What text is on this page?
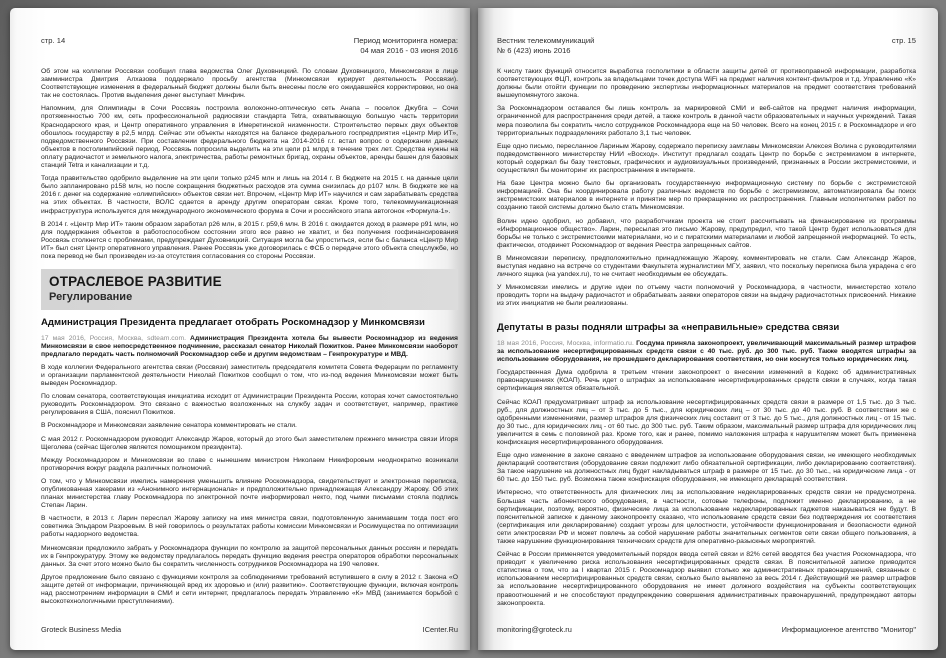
стр. 14	Период мониторинга номера:
04 мая 2016 - 03 июня 2016

Об этом на коллегии Россвязи сообщил глава ведомства Олег Духовницкий. По словам Духовницкого, Минкомсвязи в лице замминистра Дмитрия Алхазова поддержало просьбу агентства (Минкомсвязи курирует деятельность Россвязи). Соответствующие изменения в федеральный бюджет должны были быть внесены после его ожидавшейся корректировки, но она так не состоялась. Против выделения денег выступает Минфин.

Напомним, для Олимпиады в Сочи Россвязь построила волоконно-оптическую сеть Анапа – поселок Джубга – Сочи протяженностью 700 км, сеть профессиональной радиосвязи стандарта Tetra, охватывающую большую часть территории Краснодарского края, и Центр оперативного управления в Имеретинской низменности. Строительство первых двух объектов обошлось государству в р2,5 млрд. Сейчас эти объекты находятся на балансе федерального госпредприятия «Центр Мир ИТ», подведомственного Россвязи. При составлении федерального бюджета на 2014-2016 г.г. встал вопрос о содержании данных объектов в постолимпийский период. Россвязь попросила выделить на эти цели р1 млрд в течение трех лет. Средства нужны на оплату радиочастот и земельного налога, электричества, работы ремонтных бригад, охраны объектов, аренды башен для базовых станций Tetra и канализации и т.д.

Тогда правительство одобрило выделение на эти цели только р245 млн и лишь на 2014 г. В бюджете на 2015 г. на данные цели было запланировано р158 млн, но после сокращения бюджетных расходов эта сумма снизилась до р107 млн. В бюджете же на 2016 г. денег на содержание «олимпийских» объектов связи нет. Впрочем, «Центр Мир ИТ» научился и сам зарабатывать средства на этих объектах. В частности, ВОЛС сдается в аренду другим операторам связи. Кроме того, телекоммуникационная инфраструктура используется для международного экономического форума в Сочи и российского этапа автогонок «Формула-1».

В 2014 г. «Центр Мир ИТ» таким образом заработал р26 млн, в 2015 г. р59,6 млн. В 2016 г. ожидается доход в размере р91 млн, но для поддержания объектов в работоспособном состоянии этого все равно не хватит, и без получения госфинансирования Россвязь столкнется с проблемами, предупреждает Духовницкий. Ситуация могла бы упроститься, если бы с баланса «Центр Мир ИТ» был снят Центр оперативного управления. Ранее Россвязь уже договорилась с ФСБ о передаче этого объекта спецслужбе, но пока перевод не был произведен из-за отсутствия согласования со стороны Россвязи.

ОТРАСЛЕВОЕ РАЗВИТИЕ
Регулирование
Администрация Президента предлагает отобрать Роскомнадзор у Минкомсвязи

17 мая 2016, Россия, Москва, sdteam.com. Администрация Президента хотела бы вывести Роскомнадзор из ведения Минкомсвязи в свое непосредственное подчинение, рассказал сенатор Николай Пожитков. Ранее Минкомсвязи наоборот предлагало передать часть полномочий Роскомнадзор себе и другим ведомствам – Генпрокуратуре и МВД.

В ходе коллегии Федерального агентства связи (Россвязи) заместитель председателя комитета Совета Федерации по регламенту и организации парламентской деятельности Николай Пожитков сообщил о том, что из-под ведения Минкомсвязи может быть выведен Роскомнадзор.

По словам сенатора, соответствующая инициатива исходит от Администрации Президента России, которая хочет самостоятельно руководить Роскомнадзором. Это связано с важностью возложенных на службу задач и соответствует, например, практике регулирования в США, пояснил Пожитков.

В Роскомнадзоре и Минкомсвязи заявление сенатора комментировать не стали.

С мая 2012 г. Роскомнадзором руководит Александр Жаров, который до этого был заместителем прежнего министра связи Игоря Щеголева (сейчас Щеголев является помощником президента).

Между Роскомнадзором и Минкомсвязи во главе с нынешним министром Николаем Никифоровым неоднократно возникали противоречия вокруг раздела различных полномочий.

О том, что у Минкомсвязи имелись намерения уменьшить влияние Роскомнадзора, свидетельствует и электронная переписка, опубликованная хакерами из «Анонимного интернационала» и предположительно принадлежащая Александру Жарову. Об этих планах министерства главу Роскомнадзора по электронной почте информировал некто, под чьими письмами стояла подпись Степан Ларин.

В частности, в 2013 г. Ларин переслал Жарову записку на имя министра связи, подготовленную занимавшим тогда пост его советника Эльдаром Разроевым. В ней говорилось о результатах работы комиссии Минкомсвязи и Росимущества по оптимизации работы надзорного ведомства.

Минкомсвязи предложило забрать у Роскомнадзора функции по контролю за защитой персональных данных россиян и передать их в Генпрокуратуру. Этому же ведомству предлагалось передать функцию ведения реестра операторов обработки персональных данных. За счет этого можно было бы сократить численность сотрудников Роскомнадзора на 190 человек.

Другое предложение было связано с функциями контроля за соблюдениями требований вступившего в силу в 2012 г. Закона «О защите детей от информации, причиняющей вред их здоровью и (или) развитию». Соответствующие функции, включая контроль над рассмотрением информации в СМИ и сети интернет, предлагалось передать Управлению «К» МВД (занимается борьбой с высокотехнологичными преступлениями).

Groteck Business Media	ICenter.Ru
Вестник телекоммуникаций
№ 6 (423) июнь 2016
стр. 15

К числу таких функций относится выработка госполитики в области защиты детей от противоправной информации, разработка соответствующих ФЦП, контроль за владельцами точек доступа WiFi на предмет наличия контент-фильтров и т.д. Управлению «К» должны были отойти функции по проведению экспертизы информационных материалов на предмет соответствия требований вышеупомянутого закона.

За Роскомнадзором оставался бы лишь контроль за маркировкой СМИ и веб-сайтов на предмет наличия информации, ограниченной для распространения среди детей, а также контроль в данной части образовательных и научных учреждений. Такая мера позволила бы сократить число сотрудников Роскомнадзора еще на 50 человек. Всего на конец 2015 г. в Роскомнадзоре и его территориальных подразделениях работало 3,1 тыс человек.

Еще одно письмо, пересланное Лариным Жарову, содержало переписку замглавы Минкомсвязи Алексея Волина с руководителями подведомственного министерству НИИ «Восход». Институт предлагал создать Центр по борьбе с экстремизмом в интернете, который содержал бы базу текстовых, графических и аудиовизуальных произведений, признанных в России экстремистскими, и осуществлял бы мониторинг их распространения в интернете.

На базе Центра можно было бы организовать государственную информационную систему по борьбе с экстремистской информацией. Она бы координировала работу различных ведомств по борьбе с экстремизмом, автоматизировала бы поиск экстремистских материалов в интернете и принятие мер по прекращению их распространения. Главным исполнителем работ по созданию такой системы должно было стать Минкомсвязи.

Волин идею одобрил, но добавил, что разработчикам проекта не стоит рассчитывать на финансирование из программы «Информационное общество». Ларин, пересылая это письмо Жарову, предупредил, что такой Центр будет использоваться для борьбы не только с экстремистскими материалами, но и с пиратскими материалами и любой запрещенной информацией. То есть, фактически, отодвинет Роскомнадзор от ведения Реестра запрещенных сайтов.

В Минкомсвязи переписку, предположительно принадлежащую Жарову, комментировать не стали. Сам Александр Жаров, выступая недавно на встрече со студентами Факультета журналистики МГУ, заявил, что поскольку переписка была украдена с его личного ящика (на yandex.ru), то не считает необходимым ее обсуждать.

У Минкомсвязи имелись и другие идеи по отъему части полномочий у Роскомнадзора, в частности, министерство хотело проводить торги на выдачу радиочастот и обрабатывать заявки операторов связи на выдачу радиочастотных присвоений. Никакие из этих инициатив не были реализованы.

Депутаты в разы подняли штрафы за «неправильные» средства связи

18 мая 2016, Россия, Москва, informatio.ru. Госдума приняла законопроект, увеличивающий максимальный размер штрафов за использование несертифицированных средств связи с 40 тыс. руб. до 300 тыс. руб. Также вводятся штрафы за использование оборудования, не прошедшего декларирования соответствия, но они коснутся только юридических лиц.

Государственная Дума одобрила в третьем чтении законопроект о внесении изменений в Кодекс об административных правонарушениях (КОАП). Речь идет о штрафах за использование несертифицированных средств связи в случаях, когда такая сертификация является обязательной.

Сейчас КОАП предусматривает штраф за использование несертифицированных средств связи в размере от 1,5 тыс. до 3 тыс. руб., для должностных лиц – от 3 тыс. до 5 тыс., для юридических лиц – от 30 тыс. до 40 тыс. руб. В соответствии же с одобренными изменениями, размер штрафов для физических лиц составит от 3 тыс. до 5 тыс., для должностных лиц - от 15 тыс. до 30 тыс., для юридических лиц - от 60 тыс. до 300 тыс. руб. Таким образом, максимальный размер штрафа для юридических лиц увеличится в семь с половиной раз. Кроме того, как и ранее, помимо наложения штрафа к нарушителям может быть применена конфискация несертифицированного оборудования.

Еще одно изменение в законе связано с введением штрафов за использование оборудования связи, не имеющего необходимых деклараций соответствия (оборудование связи подлежит либо обязательной сертификации, либо декларированию соответствия). За такое нарушение на должностных лиц будет накладываться штраф в размере от 15 тыс. до 30 тыс., на юридические лица - от 60 тыс. до 150 тыс. руб. Возможна также конфискация оборудования, не имеющего деклараций соответствия.

Интересно, что ответственность для физических лиц за использование недекларированных средств связи не предусмотрена. Большая часть абонентского оборудования, в частности, сотовые телефоны, подлежит именно декларированию, а не сертификации, поэтому, вероятно, физические лица за использование недекларированных гаджетов наказываться не будут. В пояснительной записке к данному законопроекту сказано, что использование средств связи без подтверждения их соответствия (сертификация или декларирование) создает угрозы для целостности, устойчивости функционирования и безопасности единой сети электросвязи РФ и может повлечь за собой нарушение работы значительных сегментов сети связи общего пользования, а также нарушение функционирования технических средств для оперативно-разыскных мероприятий.

Сейчас в России применяется уведомительный порядок ввода сетей связи и 82% сетей вводятся без участия Роскомнадзора, что приводит к увеличению риска использования несертифицированных средств связи. В пояснительной записке приводится статистика о том, что за I квартал 2015 г. Роскомнадзор выявил столько же административных правонарушений, связанных с использованием несертифицированных средств связи, сколько было выявлено за весь 2014 г. Действующий же размер штрафов за использование несертифицированного оборудования не имеет должного воздействия на субъекты соответствующих правоотношений и не способствуют предупреждению совершения административных правонарушений, предупреждают авторы законопроекта.

monitoring@groteck.ru	Информационное агентство "Монитор"
